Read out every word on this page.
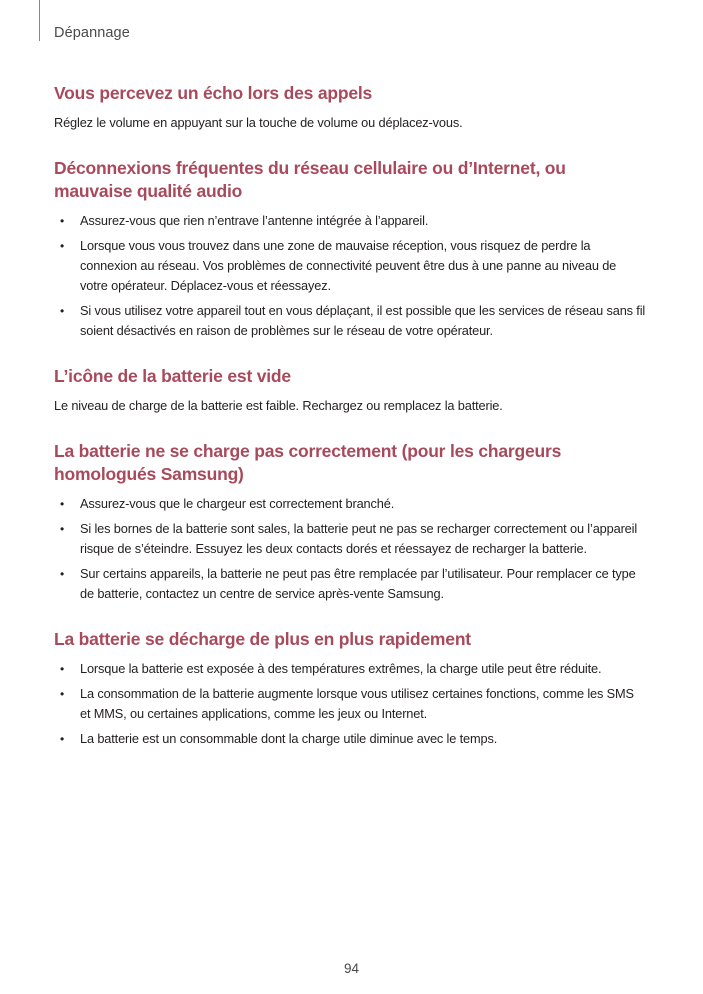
Dépannage
Vous percevez un écho lors des appels

Réglez le volume en appuyant sur la touche de volume ou déplacez-vous.

Déconnexions fréquentes du réseau cellulaire ou d’Internet, ou mauvaise qualité audio
• Assurez-vous que rien n’entrave l’antenne intégrée à l’appareil.
• Lorsque vous vous trouvez dans une zone de mauvaise réception, vous risquez de perdre la connexion au réseau. Vos problèmes de connectivité peuvent être dus à une panne au niveau de votre opérateur. Déplacez-vous et réessayez.
• Si vous utilisez votre appareil tout en vous déplaçant, il est possible que les services de réseau sans fil soient désactivés en raison de problèmes sur le réseau de votre opérateur.
L’icône de la batterie est vide

Le niveau de charge de la batterie est faible. Rechargez ou remplacez la batterie.

La batterie ne se charge pas correctement (pour les chargeurs homologués Samsung)
• Assurez-vous que le chargeur est correctement branché.
• Si les bornes de la batterie sont sales, la batterie peut ne pas se recharger correctement ou l’appareil risque de s’éteindre. Essuyez les deux contacts dorés et réessayez de recharger la batterie.
• Sur certains appareils, la batterie ne peut pas être remplacée par l’utilisateur. Pour remplacer ce type de batterie, contactez un centre de service après-vente Samsung.
La batterie se décharge de plus en plus rapidement
• Lorsque la batterie est exposée à des températures extrêmes, la charge utile peut être réduite.
• La consommation de la batterie augmente lorsque vous utilisez certaines fonctions, comme les SMS et MMS, ou certaines applications, comme les jeux ou Internet.
• La batterie est un consommable dont la charge utile diminue avec le temps.
94
